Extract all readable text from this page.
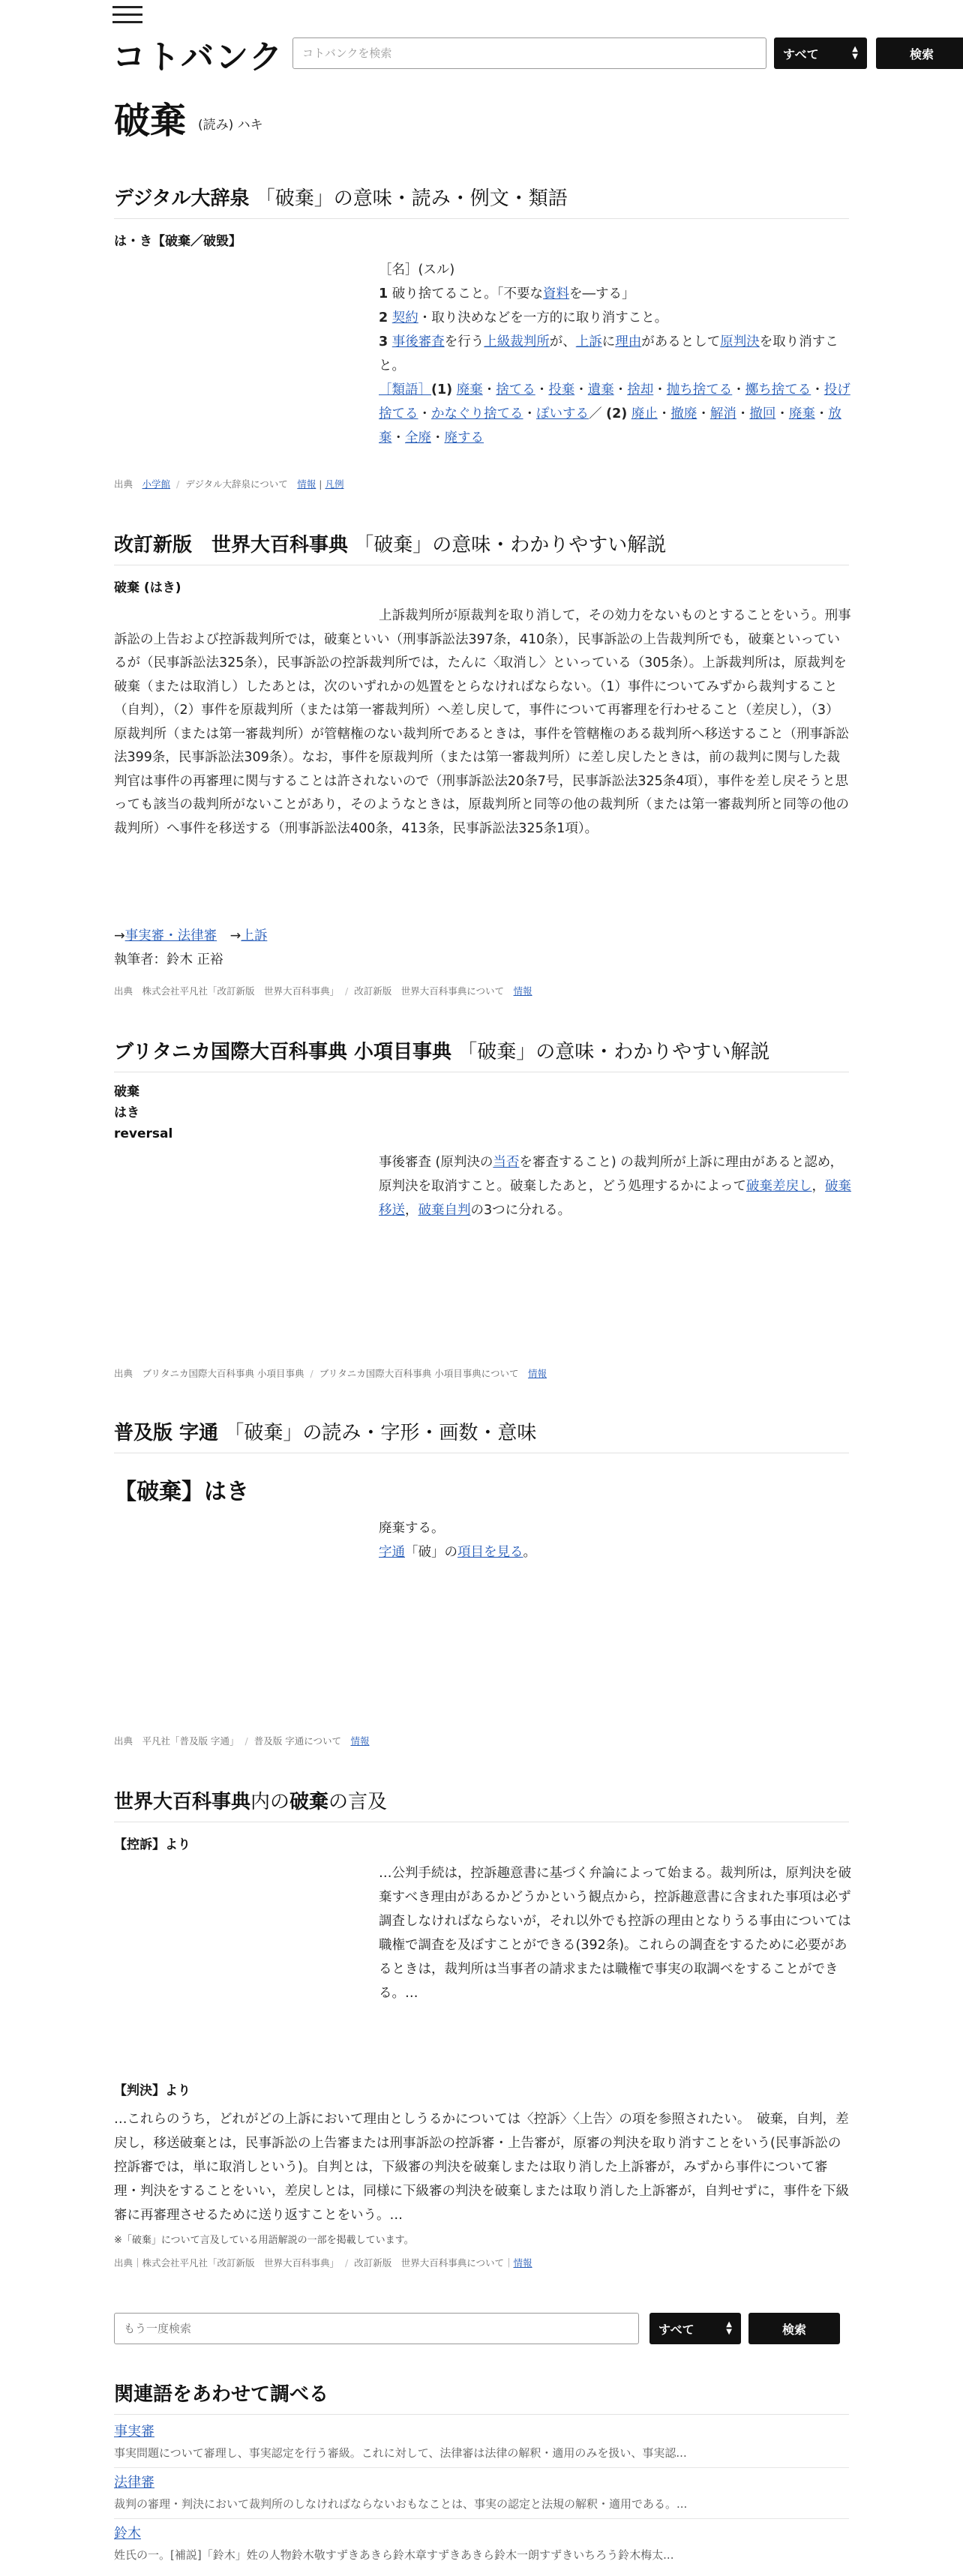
コトバンク
コトバンクを検索	すべて	▲
▼	検索
破棄 (読み) ハキ
デジタル大辞泉 「破棄」の意味・読み・例文・類語
は・き【破棄／破毀】
［名］(スル)
1 破り捨てること。「不要な資料を―する」
2 契約・取り決めなどを一方的に取り消すこと。
3 事後審査を行う上級裁判所が、上訴に理由があるとして原判決を取り消すこと。
［類語］(1) 廃棄・捨てる・投棄・遺棄・捨却・抛ち捨てる・擲ち捨てる・投げ捨てる・かなぐり捨てる・ぽいする／ (2) 廃止・撤廃・解消・撤回・廃棄・放棄・全廃・廃する
出典　 小学館 / デジタル大辞泉について　 情報 | 凡例
改訂新版　世界大百科事典 「破棄」の意味・わかりやすい解説
破棄 (はき)
上訴裁判所が原裁判を取り消して，その効力をないものとすることをいう。刑事訴訟の上告および控訴裁判所では，破棄といい（刑事訴訟法397条，410条），民事訴訟の上告裁判所でも，破棄といっているが（民事訴訟法325条），民事訴訟の控訴裁判所では，たんに〈取消し〉といっている（305条）。上訴裁判所は，原裁判を破棄（または取消し）したあとは，次のいずれかの処置をとらなければならない。（1）事件についてみずから裁判すること（自判），（2）事件を原裁判所（または第一審裁判所）へ差し戻して，事件について再審理を行わせること（差戻し），（3）原裁判所（または第一審裁判所）が管轄権のない裁判所であるときは，事件を管轄権のある裁判所へ移送すること（刑事訴訟法399条，民事訴訟法309条）。なお，事件を原裁判所（または第一審裁判所）に差し戻したときは，前の裁判に関与した裁判官は事件の再審理に関与することは許されないので（刑事訴訟法20条7号，民事訴訟法325条4項），事件を差し戻そうと思っても該当の裁判所がないことがあり，そのようなときは，原裁判所と同等の他の裁判所（または第一審裁判所と同等の他の裁判所）へ事件を移送する（刑事訴訟法400条，413条，民事訴訟法325条1項）。
→事実審・法律審　→上訴
執筆者：鈴木 正裕
出典　 株式会社平凡社「改訂新版　世界大百科事典」 / 改訂新版　世界大百科事典について　 情報
ブリタニカ国際大百科事典 小項目事典 「破棄」の意味・わかりやすい解説
破棄
はき
reversal
事後審査 (原判決の当否を審査すること) の裁判所が上訴に理由があると認め，原判決を取消すこと。破棄したあと，どう処理するかによって破棄差戻し，破棄移送，破棄自判の3つに分れる。
出典　 ブリタニカ国際大百科事典 小項目事典 / ブリタニカ国際大百科事典 小項目事典について　 情報
普及版 字通 「破棄」の読み・字形・画数・意味
【破棄】はき
廃棄する。
字通「破」の項目を見る。
出典　 平凡社「普及版 字通」 / 普及版 字通について　 情報
世界大百科事典内の破棄の言及
【控訴】より
…公判手続は，控訴趣意書に基づく弁論によって始まる。裁判所は，原判決を破棄すべき理由があるかどうかという観点から，控訴趣意書に含まれた事項は必ず調査しなければならないが，それ以外でも控訴の理由となりうる事由については職権で調査を及ぼすことができる(392条)。これらの調査をするために必要があるときは，裁判所は当事者の請求または職権で事実の取調べをすることができる。…
【判決】より
…これらのうち，どれがどの上訴において理由としうるかについては〈控訴〉〈上告〉の項を参照されたい。　破棄，自判，差戻し，移送破棄とは，民事訴訟の上告審または刑事訴訟の控訴審・上告審が，原審の判決を取り消すことをいう(民事訴訟の控訴審では，単に取消しという)。自判とは，下級審の判決を破棄しまたは取り消した上訴審が，みずから事件について審理・判決をすることをいい，差戻しとは，同様に下級審の判決を破棄しまたは取り消した上訴審が，自判せずに，事件を下級審に再審理させるために送り返すことをいう。…
※「破棄」について言及している用語解説の一部を掲載しています。
出典｜株式会社平凡社「改訂新版　世界大百科事典」 / 改訂新版　世界大百科事典について｜情報
もう一度検索
すべて	▲
▼	検索
関連語をあわせて調べる
事実審
事実問題について審理し、事実認定を行う審級。これに対して、法律審は法律の解釈・適用のみを扱い、事実認...
法律審
裁判の審理・判決において裁判所のしなければならないおもなことは、事実の認定と法規の解釈・適用である。...
鈴木
姓氏の一。[補説]「鈴木」姓の人物鈴木敬すずきあきら鈴木章すずきあきら鈴木一朗すずきいちろう鈴木梅太...
